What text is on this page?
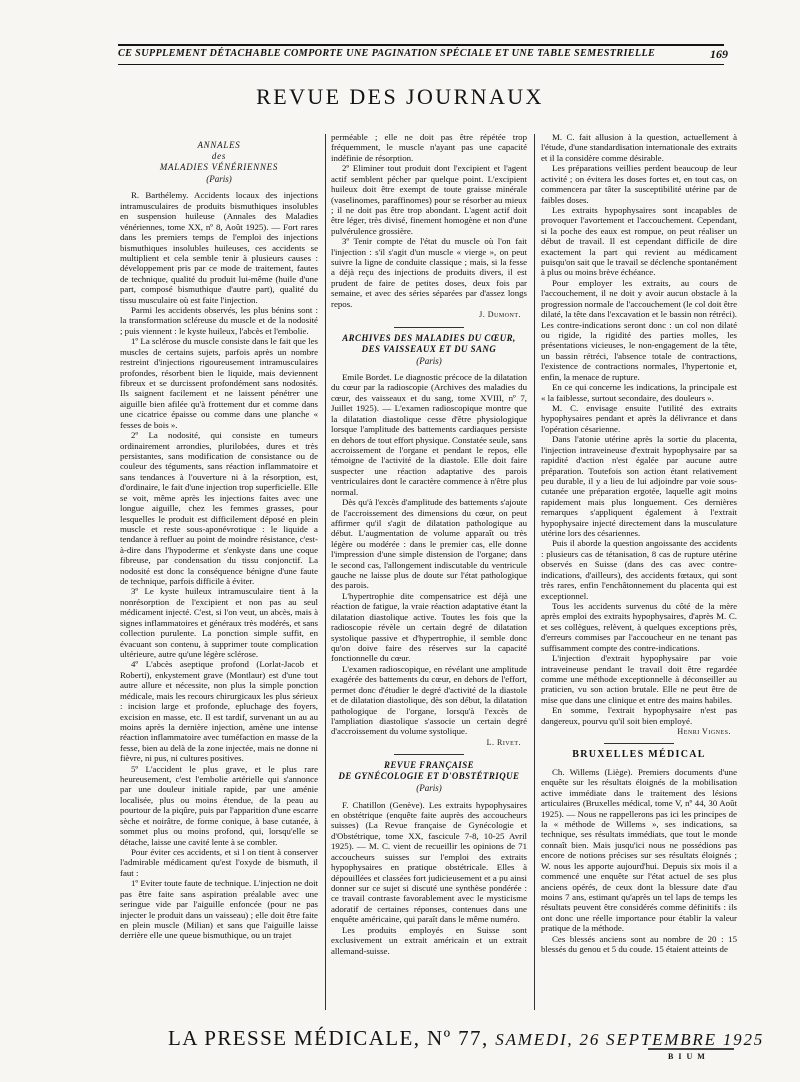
CE SUPPLEMENT DÉTACHABLE COMPORTE UNE PAGINATION SPÉCIALE ET UNE TABLE SEMESTRIELLE	169
REVUE DES JOURNAUX
ANNALES
des
MALADIES VÉNÉRIENNES
(Paris)

R. Barthélemy. Accidents locaux des injections intramusculaires de produits bismuthiques insolubles en suspension huileuse (Annales des Maladies vénériennes, tome XX, nº 8, Août 1925). — Fort rares dans les premiers temps de l'emploi des injections bismuthiques insolubles huileuses, ces accidents se multiplient et cela semble tenir à plusieurs causes : développement pris par ce mode de traitement, fautes de technique, qualité du produit lui-même (huile d'une part, composé bismuthique d'autre part), qualité du tissu musculaire où est faite l'injection.

Parmi les accidents observés, les plus bénins sont : la transformation scléreuse du muscle et de la nodosité ; puis viennent : le kyste huileux, l'abcès et l'embolie.

1º La sclérose du muscle consiste dans le fait que les muscles de certains sujets, parfois après un nombre restreint d'injections rigoureusement intramusculaires profondes, résorbent bien le liquide, mais deviennent fibreux et se durcissent profondément sans nodosités. Ils saignent facilement et ne laissent pénétrer une aiguille bien afilée qu'à frottement dur et comme dans une cicatrice épaisse ou comme dans une planche « fesses de bois ».

2º La nodosité, qui consiste en tumeurs ordinairement arrondies, plurilobées, dures et très persistantes, sans modification de consistance ou de couleur des téguments, sans réaction inflammatoire et sans tendances à l'ouverture ni à la résorption, est, d'ordinaire, le fait d'une injection trop superficielle. Elle se voit, même après les injections faites avec une longue aiguille, chez les femmes grasses, pour lesquelles le produit est difficilement déposé en plein muscle et reste sous-aponévrotique : le liquide a tendance à refluer au point de moindre résistance, c'est-à-dire dans l'hypoderme et s'enkyste dans une coque fibreuse, par condensation du tissu conjonctif. La nodosité est donc la conséquence bénigne d'une faute de technique, parfois difficile à éviter.

3º Le kyste huileux intramusculaire tient à la nonrésorption de l'excipient et non pas au seul médicament injecté. C'est, si l'on veut, un abcès, mais à signes inflammatoires et généraux très modérés, et sans collection purulente. La ponction simple suffit, en évacuant son contenu, à supprimer toute complication ultérieure, autre qu'une légère sclérose.

4º L'abcès aseptique profond (Lorlat-Jacob et Roberti), enkystement grave (Montlaur) est d'une tout autre allure et nécessite, non plus la simple ponction médicale, mais les recours chirurgicaux les plus sérieux : incision large et profonde, epluchage des foyers, excision en masse, etc. Il est tardif, survenant un au au moins après la dernière injection, amène une intense réaction inflammatoire avec tuméfaction en masse de la fesse, bien au delà de la zone injectée, mais ne donne ni fièvre, ni pus, ni cultures positives.

5º L'accident le plus grave, et le plus rare heureusement, c'est l'embolie artérielle qui s'annonce par une douleur initiale rapide, par une aménie localisée, plus ou moins étendue, de la peau au pourtour de la piqûre, puis par l'apparition d'une escarre sèche et noirâtre, de forme conique, à base cutanée, à sommet plus ou moins profond, qui, lorsqu'elle se détache, laisse une cavité lente à se combler.

Pour éviter ces accidents, et si l on tient à conserver l'admirable médicament qu'est l'oxyde de bismuth, il faut :

1º Eviter toute faute de technique. L'injection ne doit pas être faite sans aspiration préalable avec une seringue vide par l'aiguille enfoncée (pour ne pas injecter le produit dans un vaisseau) ; elle doit être faite en plein muscle (Milian) et sans que l'aiguille laisse derrière elle une queue bismuthique, ou un trajet

perméable ; elle ne doit pas être répétée trop fréquemment, le muscle n'ayant pas une capacité indéfinie de résorption.

2º Eliminer tout produit dont l'excipient et l'agent actif semblent pécher par quelque point. L'excipient huileux doit être exempt de toute graisse minérale (vaselinomes, paraffinomes) pour se résorber au mieux ; il ne doit pas être trop abondant. L'agent actif doit être léger, très divisé, finement homogène et non d'une pulvérulence grossière.

3º Tenir compte de l'état du muscle où l'on fait l'injection : s'il s'agit d'un muscle « vierge », on peut suivre la ligne de conduite classique ; mais, si la fesse a déjà reçu des injections de produits divers, il est prudent de faire de petites doses, deux fois par semaine, et avec des séries séparées par d'assez longs repos.

J. Dumont.
ARCHIVES DES MALADIES DU CŒUR,
DES VAISSEAUX ET DU SANG
(Paris)

Emile Bordet. Le diagnostic précoce de la dilatation du cœur par la radioscopie (Archives des maladies du cœur, des vaisseaux et du sang, tome XVIII, nº 7, Juillet 1925). — L'examen radioscopique montre que la dilatation diastolique cesse d'être physiologique lorsque l'amplitude des battements cardiaques persiste en dehors de tout effort physique. Constatée seule, sans accroissement de l'organe et pendant le repos, elle témoigne de l'activité de la diastole. Elle doit faire suspecter une réaction adaptative des parois ventriculaires dont le caractère commence à n'être plus normal.

Dès qu'à l'excès d'amplitude des battements s'ajoute de l'accroissement des dimensions du cœur, on peut affirmer qu'il s'agit de dilatation pathologique au début. L'augmentation de volume apparaît ou très légère ou modérée : dans le premier cas, elle donne l'impression d'une simple distension de l'organe; dans le second cas, l'allongement indiscutable du ventricule gauche ne laisse plus de doute sur l'état pathologique des parois.

L'hypertrophie dite compensatrice est déjà une réaction de fatigue, la vraie réaction adaptative étant la dilatation diastolique active. Toutes les fois que la radioscopie révèle un certain degré de dilatation systolique passive et d'hypertrophie, il semble donc qu'on doive faire des réserves sur la capacité fonctionnelle du cœur.

L'examen radioscopique, en révélant une amplitude exagérée des battements du cœur, en dehors de l'effort, permet donc d'étudier le degré d'activité de la diastole et de dilatation diastolique, dès son début, la dilatation pathologique de l'organe, lorsqu'à l'excès de l'ampliation diastolique s'associe un certain degré d'accroissement du volume systolique.

L. Rivet.
REVUE FRANÇAISE
DE GYNÉCOLOGIE ET D'OBSTÉTRIQUE
(Paris)

F. Chatillon (Genève). Les extraits hypophysaires en obstétrique (enquête faite auprès des accoucheurs suisses) (La Revue française de Gynécologie et d'Obstétrique, tome XX, fascicule 7-8, 10-25 Avril 1925). — M. C. vient de recueillir les opinions de 71 accoucheurs suisses sur l'emploi des extraits hypophysaires en pratique obstétricale. Elles à dépouillées et classées fort judicieusement et a pu ainsi donner sur ce sujet si discuté une synthèse pondérée : ce travail contraste favorablement avec le mysticisme adoratif de certaines réponses, contenues dans une enquête américaine, qui paraît dans le même numéro.

Les produits employés en Suisse sont exclusivement un extrait américain et un extrait allemand-suisse.

M. C. fait allusion à la question, actuellement à l'étude, d'une standardisation internationale des extraits et il la considère comme désirable.

Les préparations veillies perdent beaucoup de leur activité ; on évitera les doses fortes et, en tout cas, on commencera par tâter la susceptibilité utérine par de faibles doses.

Les extraits hypophysaires sont incapables de provoquer l'avortement et l'accouchement. Cependant, si la poche des eaux est rompue, on peut réaliser un début de travail. Il est cependant difficile de dire exactement la part qui revient au médicament puisqu'on sait que le travail se déclenche spontanément à plus ou moins brève échéance.

Pour employer les extraits, au cours de l'accouchement, il ne doit y avoir aucun obstacle à la progression normale de l'accouchement (le col doit être dilaté, la tête dans l'excavation et le bassin non rétréci). Les contre-indications seront donc : un col non dilaté ou rigide, la rigidité des parties molles, les présentations vicieuses, le non-engagement de la tête, un bassin rétréci, l'absence totale de contractions, l'existence de contractions normales, l'hypertonie et, enfin, la menace de rupture.

En ce qui concerne les indications, la principale est « la faiblesse, surtout secondaire, des douleurs ».

M. C. envisage ensuite l'utilité des extraits hypophysaires pendant et après la délivrance et dans l'opération césarienne.

Dans l'atonie utérine après la sortie du placenta, l'injection intraveineuse d'extrait hypophysaire par sa rapidité d'action n'est égalée par aucune autre préparation. Toutefois son action étant relativement peu durable, il y a lieu de lui adjoindre par voie sous-cutanée une préparation ergotée, laquelle agit moins rapidement mais plus longuement. Ces dernières remarques s'appliquent également à l'extrait hypophysaire injecté directement dans la musculature utérine lors des césariennes.

Puis il aborde la question angoissante des accidents : plusieurs cas de tétanisation, 8 cas de rupture utérine observés en Suisse (dans des cas avec contre-indications, d'ailleurs), des accidents fœtaux, qui sont très rares, enfin l'enchâtonnement du placenta qui est exceptionnel.

Tous les accidents survenus du côté de la mère après emploi des extraits hypophysaires, d'après M. C. et ses collègues, relèvent, à quelques exceptions près, d'erreurs commises par l'accoucheur en ne tenant pas suffisamment compte des contre-indications.

L'injection d'extrait hypophysaire par voie intraveineuse pendant le travail doit être regardée comme une méthode exceptionnelle à déconseiller au praticien, vu son action brutale. Elle ne peut être de mise que dans une clinique et entre des mains habiles.

En somme, l'extrait hypophysaire n'est pas dangereux, pourvu qu'il soit bien employé.

Henri Vignes.
BRUXELLES MÉDICAL

Ch. Willems (Liège). Premiers documents d'une enquête sur les résultats éloignés de la mobilisation active immédiate dans le traitement des lésions articulaires (Bruxelles médical, tome V, nº 44, 30 Août 1925). — Nous ne rappellerons pas ici les principes de la « méthode de Willems », ses indications, sa technique, ses résultats immédiats, que tout le monde connaît bien. Mais jusqu'ici nous ne possédions pas encore de notions précises sur ses résultats éloignés ; W. nous les apporte aujourd'hui. Depuis six mois il a commencé une enquête sur l'état actuel de ses plus anciens opérés, de ceux dont la blessure date d'au moins 7 ans, estimant qu'après un tel laps de temps les résultats peuvent être considérés comme définitifs : ils ont donc une réelle importance pour établir la valeur pratique de la méthode.

Ces blessés anciens sont au nombre de 20 : 15 blessés du genou et 5 du coude. 15 étaient atteints de

LA PRESSE MÉDICALE, Nº 77, SAMEDI, 26 SEPTEMBRE 1925
BIUM
